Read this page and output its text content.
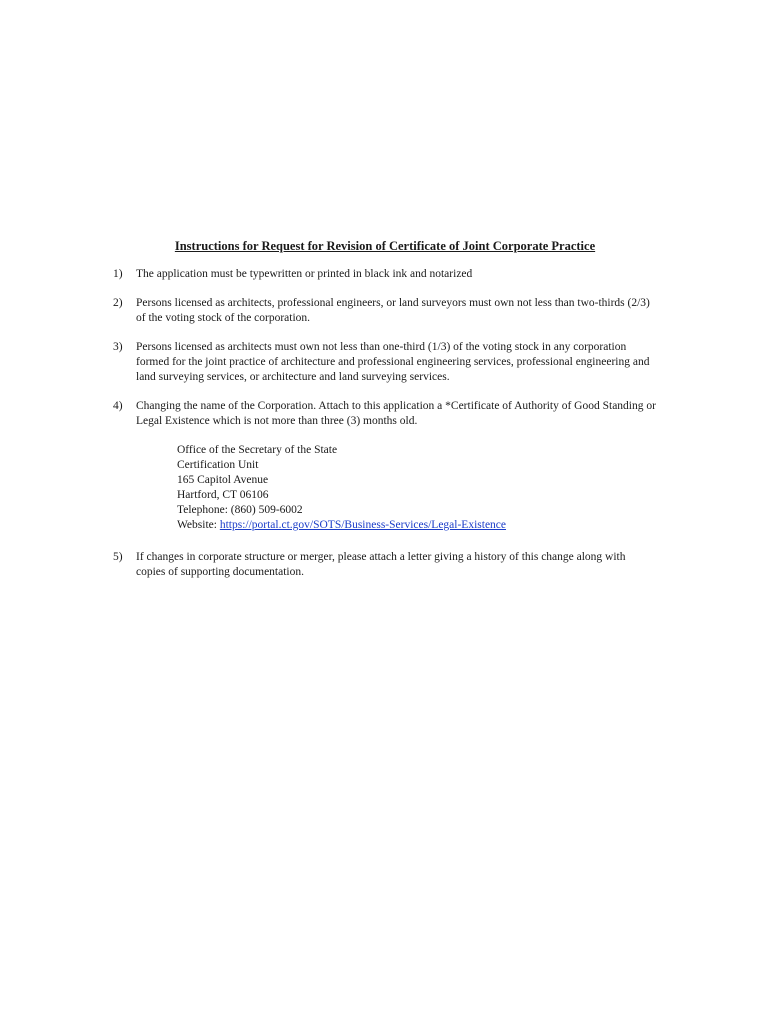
Instructions for Request for Revision of Certificate of Joint Corporate Practice
1) The application must be typewritten or printed in black ink and notarized
2) Persons licensed as architects, professional engineers, or land surveyors must own not less than two-thirds (2/3) of the voting stock of the corporation.
3) Persons licensed as architects must own not less than one-third (1/3) of the voting stock in any corporation formed for the joint practice of architecture and professional engineering services, professional engineering and land surveying services, or architecture and land surveying services.
4) Changing the name of the Corporation. Attach to this application a *Certificate of Authority of Good Standing or Legal Existence which is not more than three (3) months old.
Office of the Secretary of the State
Certification Unit
165 Capitol Avenue
Hartford, CT 06106
Telephone: (860) 509-6002
Website: https://portal.ct.gov/SOTS/Business-Services/Legal-Existence
5) If changes in corporate structure or merger, please attach a letter giving a history of this change along with copies of supporting documentation.
